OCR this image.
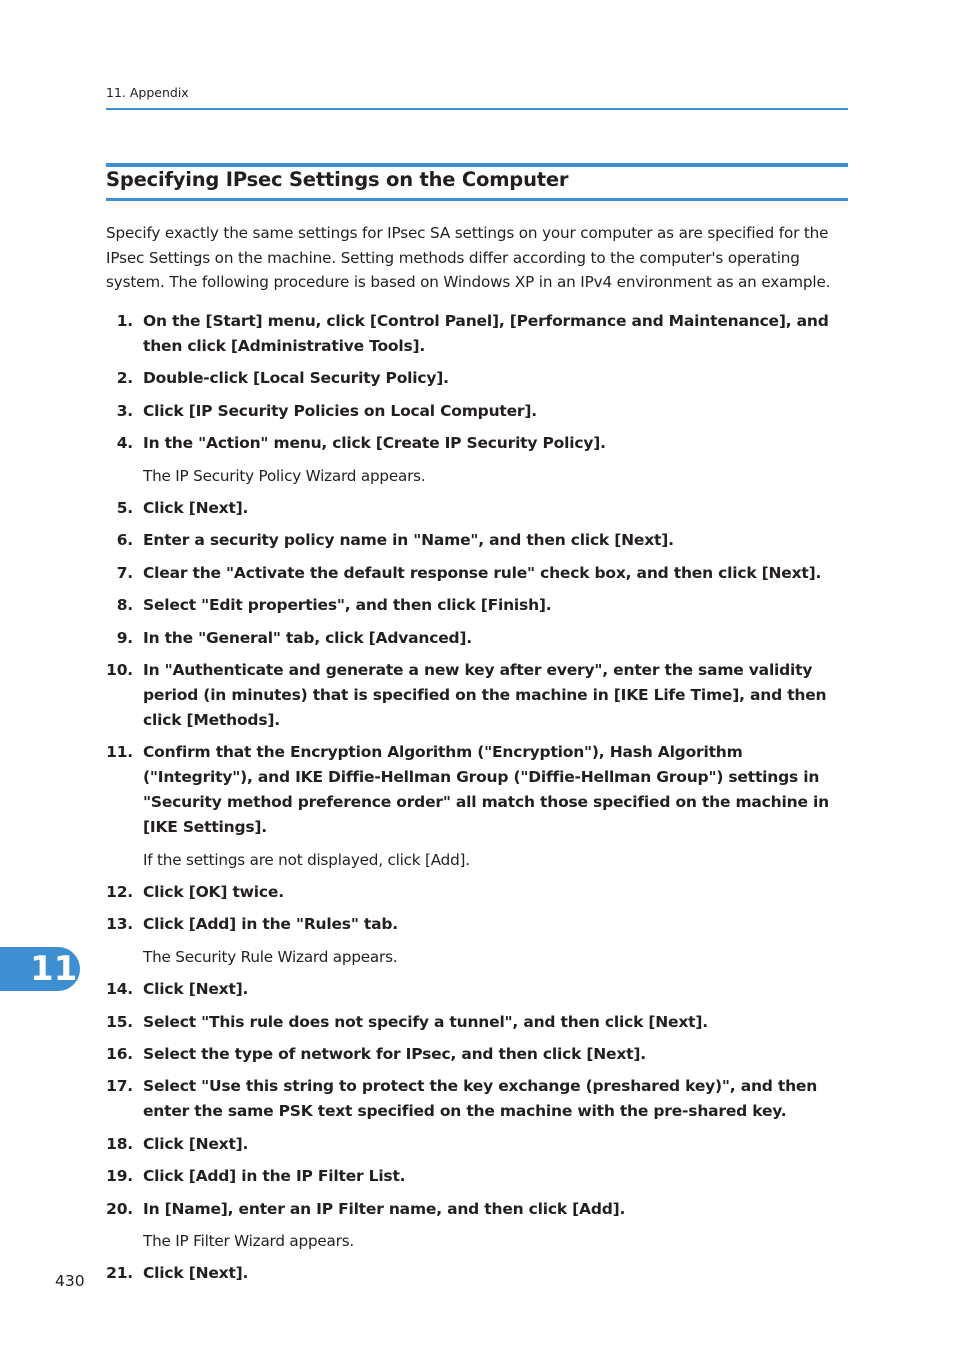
11. Appendix
Specifying IPsec Settings on the Computer

Specify exactly the same settings for IPsec SA settings on your computer as are specified for the IPsec Settings on the machine. Setting methods differ according to the computer's operating system. The following procedure is based on Windows XP in an IPv4 environment as an example.

1. On the [Start] menu, click [Control Panel], [Performance and Maintenance], and then click [Administrative Tools].
2. Double-click [Local Security Policy].
3. Click [IP Security Policies on Local Computer].
4. In the "Action" menu, click [Create IP Security Policy].
The IP Security Policy Wizard appears.
5. Click [Next].
6. Enter a security policy name in "Name", and then click [Next].
7. Clear the "Activate the default response rule" check box, and then click [Next].
8. Select "Edit properties", and then click [Finish].
9. In the "General" tab, click [Advanced].
10. In "Authenticate and generate a new key after every", enter the same validity period (in minutes) that is specified on the machine in [IKE Life Time], and then click [Methods].
11. Confirm that the Encryption Algorithm ("Encryption"), Hash Algorithm ("Integrity"), and IKE Diffie-Hellman Group ("Diffie-Hellman Group") settings in "Security method preference order" all match those specified on the machine in [IKE Settings].
If the settings are not displayed, click [Add].
12. Click [OK] twice.
13. Click [Add] in the "Rules" tab.
The Security Rule Wizard appears.
14. Click [Next].
15. Select "This rule does not specify a tunnel", and then click [Next].
16. Select the type of network for IPsec, and then click [Next].
17. Select "Use this string to protect the key exchange (preshared key)", and then enter the same PSK text specified on the machine with the pre-shared key.
18. Click [Next].
19. Click [Add] in the IP Filter List.
20. In [Name], enter an IP Filter name, and then click [Add].
The IP Filter Wizard appears.
21. Click [Next].
11
430
